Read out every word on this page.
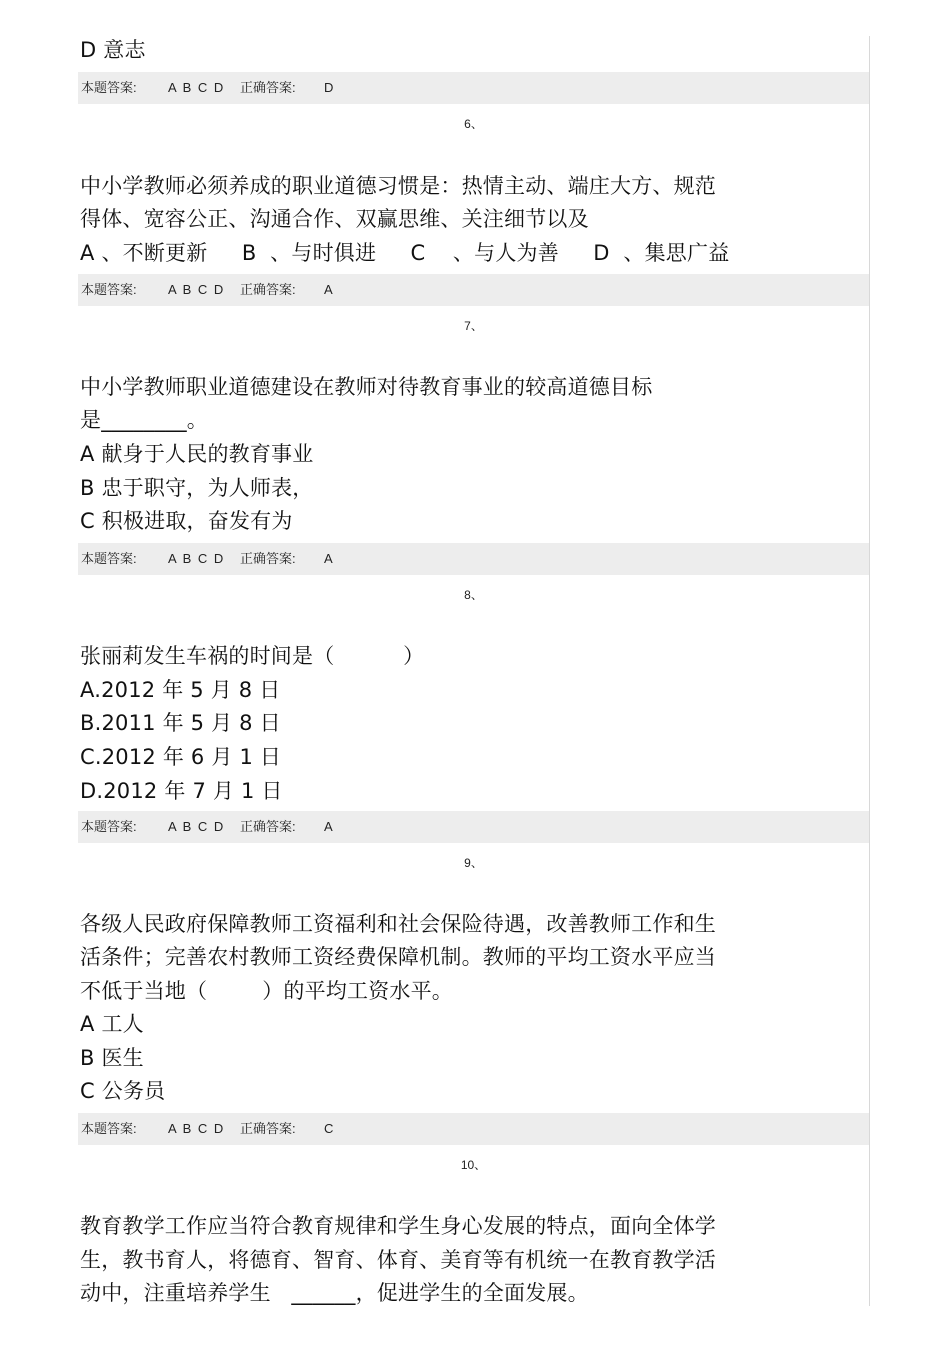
D 意志
本题答案: A B C D 正确答案: D
6、
中小学教师必须养成的职业道德习惯是：热情主动、端庄大方、规范
得体、宽容公正、沟通合作、双赢思维、关注细节以及
A 、不断更新     B  、与时俱进     C    、与人为善     D  、集思广益
本题答案: A B C D 正确答案: A
7、
中小学教师职业道德建设在教师对待教育事业的较高道德目标
是________。
A 献身于人民的教育事业
B 忠于职守，为人师表，
C 积极进取，奋发有为
本题答案: A B C D 正确答案: A
8、
张丽莉发生车祸的时间是（          ）
A.2012 年 5 月 8 日
B.2011 年 5 月 8 日
C.2012 年 6 月 1 日
D.2012 年 7 月 1 日
本题答案: A B C D 正确答案: A
9、
各级人民政府保障教师工资福利和社会保险待遇，改善教师工作和生
活条件；完善农村教师工资经费保障机制。教师的平均工资水平应当
不低于当地（        ）的平均工资水平。
A 工人
B 医生
C 公务员
本题答案: A B C D 正确答案: C
10、
教育教学工作应当符合教育规律和学生身心发展的特点，面向全体学
生，教书育人，将德育、智育、体育、美育等有机统一在教育教学活
动中，注重培养学生   ______，促进学生的全面发展。
